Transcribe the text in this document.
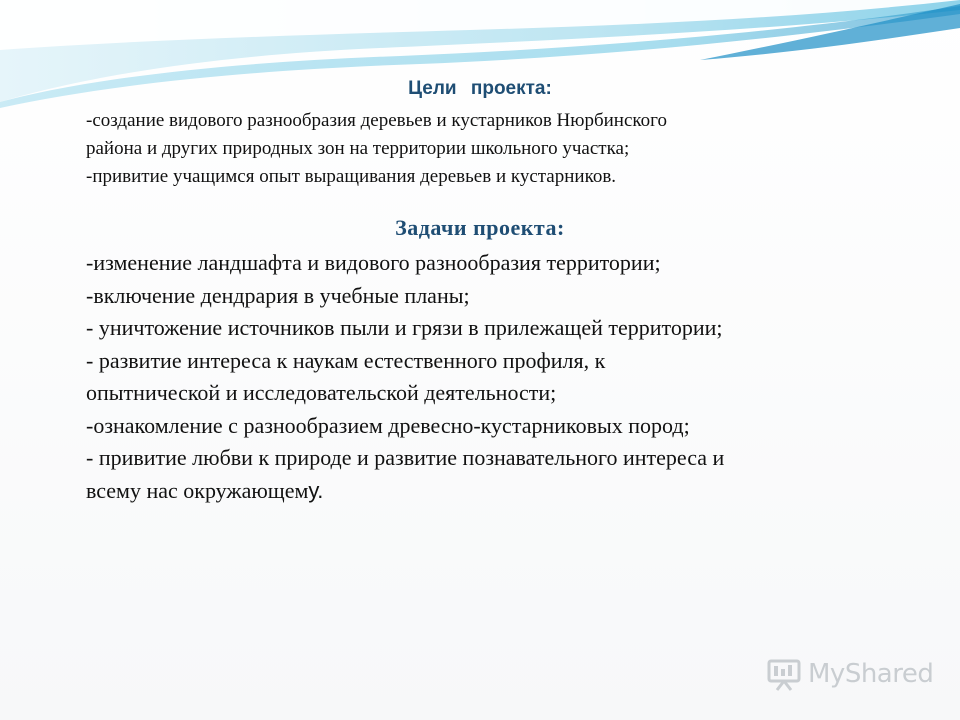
Цели проекта:
-создание видового разнообразия деревьев и кустарников Нюрбинского
района и других природных зон на территории школьного участка;
-привитие учащимся опыт выращивания деревьев и кустарников.
Задачи проекта:
-изменение ландшафта и видового разнообразия территории;
-включение дендрария в учебные планы;
- уничтожение источников пыли и грязи в прилежащей территории;
- развитие интереса к наукам естественного профиля, к
опытнической и исследовательской деятельности;
-ознакомление с разнообразием древесно-кустарниковых пород;
- привитие любви к природе и развитие познавательного интереса и
всему нас окружающему.
MyShared
